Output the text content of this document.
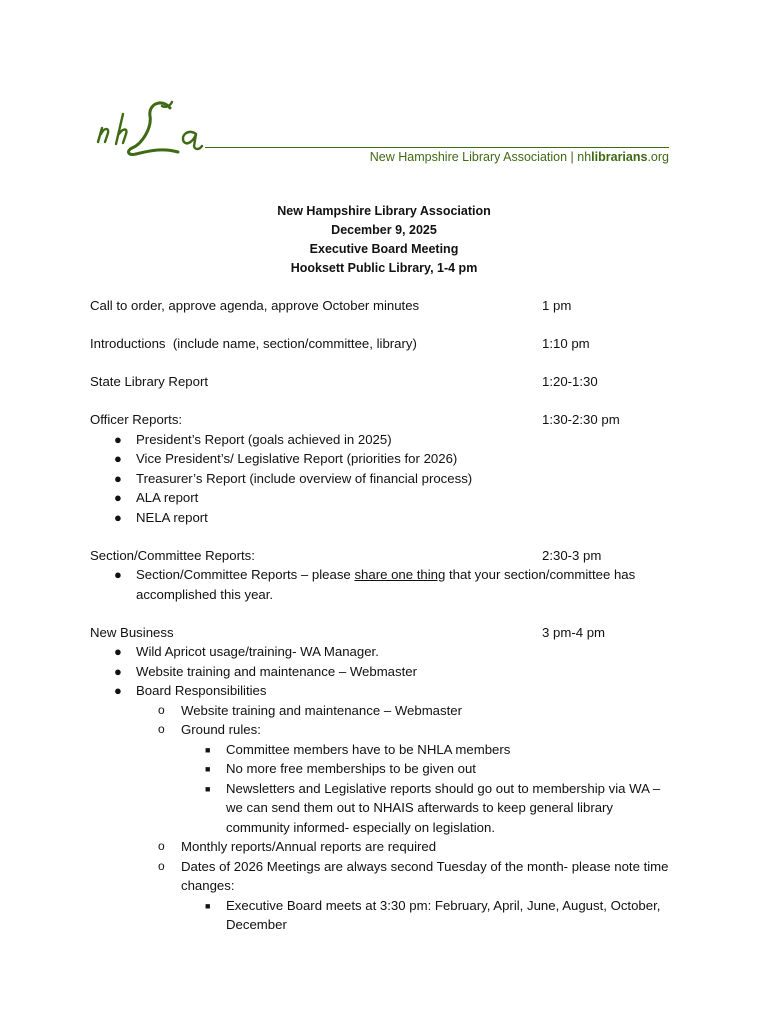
New Hampshire Library Association | nhlibrarians.org
New Hampshire Library Association
December 9, 2025
Executive Board Meeting
Hooksett Public Library, 1-4 pm
Call to order, approve agenda, approve October minutes	1 pm
Introductions  (include name, section/committee, library)	1:10 pm
State Library Report	1:20-1:30
Officer Reports:	1:30-2:30 pm
● President’s Report (goals achieved in 2025)
● Vice President’s/ Legislative Report (priorities for 2026)
● Treasurer’s Report (include overview of financial process)
● ALA report
● NELA report
Section/Committee Reports:	2:30-3 pm
● Section/Committee Reports – please share one thing that your section/committee has accomplished this year.
New Business	3 pm-4 pm
● Wild Apricot usage/training- WA Manager.
● Website training and maintenance – Webmaster
● Board Responsibilities
o Website training and maintenance – Webmaster
o Ground rules:
■ Committee members have to be NHLA members
■ No more free memberships to be given out
■ Newsletters and Legislative reports should go out to membership via WA – we can send them out to NHAIS afterwards to keep general library community informed- especially on legislation.
o Monthly reports/Annual reports are required
o Dates of 2026 Meetings are always second Tuesday of the month- please note time changes:
■ Executive Board meets at 3:30 pm: February, April, June, August, October, December
